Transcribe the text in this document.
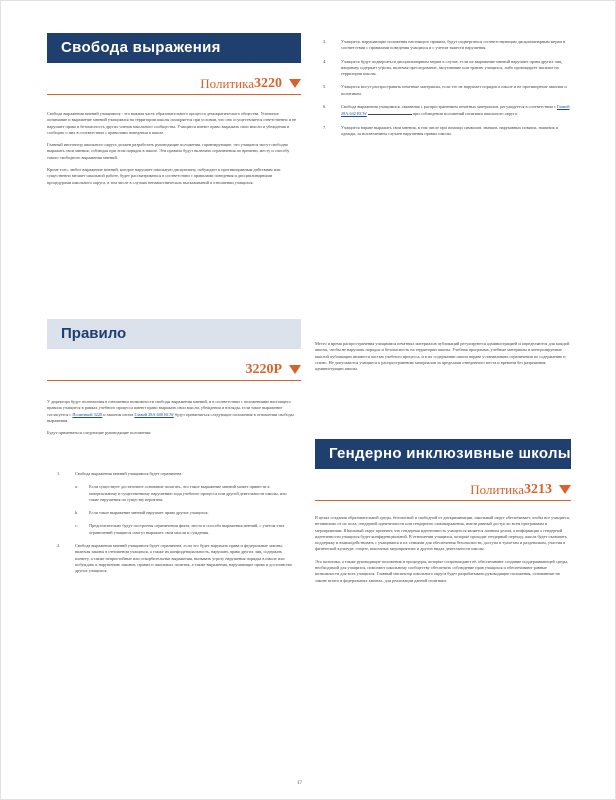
Свобода выражения
Политика 3220

Свобода выражения мнений учащимися - это важная часть образовательного процесса демократического общества. Успешное понимание и выражение мнений учащимися на территории школы поощряется при условии, что оно осуществляется ответственно и не нарушает права и безопасность других членов школьного сообщества. Учащиеся имеют право выражать свои мысли и убеждения и сообщать о них в соответствии с правилами поведения в школе.

Главный инспектор школьного округа должен разработать руководящие положения, гарантирующие, что учащиеся могут свободно выражать свои мнения, соблюдая при этом порядок в школе. Эти правила будут включать ограничения по времени, месту и способу такого свободного выражения мнений.

Кроме того, любое выражение мнений, которое нарушает школьную дисциплину, побуждает к противоправным действиям или существенно мешает школьной работе, будет рассматриваться в соответствии с правилами поведения и дисциплинарными процедурами школьного округа, в том числе в случаях ненавистнических высказываний в отношении учащихся.

Правило
3220P

У директора будут полномочия в отношении возможности свободы выражения мнений, и в соответствии с положениями настоящего правила учащиеся в рамках учебного процесса имеют право выражать свои мысли, убеждения и взгляды, если такое выражение согласуется с Политикой 3220 и законом штата Главой 28A.600 RCW будут применяться следующие положения в отношении свободы выражения.

Будут применяться следующие руководящие положения:

1.	Свобода выражения мнений учащимися будет ограничена:
a.	Если существует достаточное основание полагать, что такое выражение мнений может привести к материальному и существенному нарушению хода учебного процесса или другой деятельности школы, или такие нарушения по существу вероятны.
b.	Если такое выражение мнений нарушает права других учащихся.
c.	Предпочтительно будут построены ограничения факта, места и способа выражения мнений, с учетом этих ограничений учащиеся смогут выражать свои мысли и суждения.
2.	Свобода выражения мнений учащимися будет ограничена, если это будет нарушать права и федеральные законы, включая законы в отношении учащихся, а также их конфиденциальность, нарушать права других лиц, содержать клевету, а также непристойные или оскорбительные выражения, вызывать угрозу нарушения порядка в школе или побуждать к нарушению законов, правил и школьных политик, а также выражения, нарушающие права и достоинство других учащихся.
3.	Учащиеся, нарушающие положения настоящего правила, будут подвергаться соответствующим дисциплинарным мерам в соответствии с правилами поведения учащихся и с учетом тяжести нарушения.
4.	Учащиеся будут подвергаться дисциплинарным мерам в случае, если их выражение мнений нарушает права других лиц, например содержит угрозы, включая преследование, запугивание или травлю учащихся, либо провоцирует насилие на территории школы.
5.	Учащиеся могут распространять печатные материалы, если это не нарушает порядок в школе и не противоречит законам и политикам.
6.	Свобода выражения учащимися, связанная с распространением печатных материалов, регулируется в соответствии с Главой 28A.642 RCW	при соблюдении положений политики школьного округа.
7.	Учащиеся вправе выражать свои мнения, в том числе при помощи символов, значков, нарукавных повязок, нашивок и одежды, за исключением случаев нарушения правил школы.

Место и время распространения учащимися печатных материалов публикаций регулируются администрацией и определяются для каждой школы, чтобы не нарушать порядок и безопасность на территории школы. Учебная программа, учебные материалы и контролируемые школой публикации являются частью учебного процесса, и в их содержании школа вправе устанавливать ограничения по содержанию и стилю. Не допускаются учащиеся к распространению материалов за пределами отведенного места и времени без разрешения администрации школы.

Гендерно инклюзивные школы
Политика 3213

В целях создания образовательной среды, безопасной и свободной от дискриминации, школьный округ обеспечивает, чтобы все учащиеся, независимо от их пола, гендерной идентичности или гендерного самовыражения, имели равный доступ ко всем программам и мероприятиям. Школьный округ признает, что гендерная идентичность учащегося является личным делом, а информация о гендерной идентичности учащихся будет конфиденциальной. В отношении учащихся, которые проходят гендерный переход, школа будет оказывать поддержку и взаимодействовать с учащимися и их семьями для обеспечения безопасности, доступа к туалетам и раздевалкам, участия в физической культуре, спорте, школьных мероприятиях и других видах деятельности школы.

Эта политика, а также руководящие положения и процедуры, которые сопровождают её, обеспечивают создание поддерживающей среды, необходимой для учащихся, помогают школьному сообществу обеспечить соблюдение прав учащихся и обеспечивают равные возможности для всех учащихся. Главный инспектор школьного округа будет разрабатывать руководящие положения, основанные на законе штата и федеральных законах, для реализации данной политики.

17
